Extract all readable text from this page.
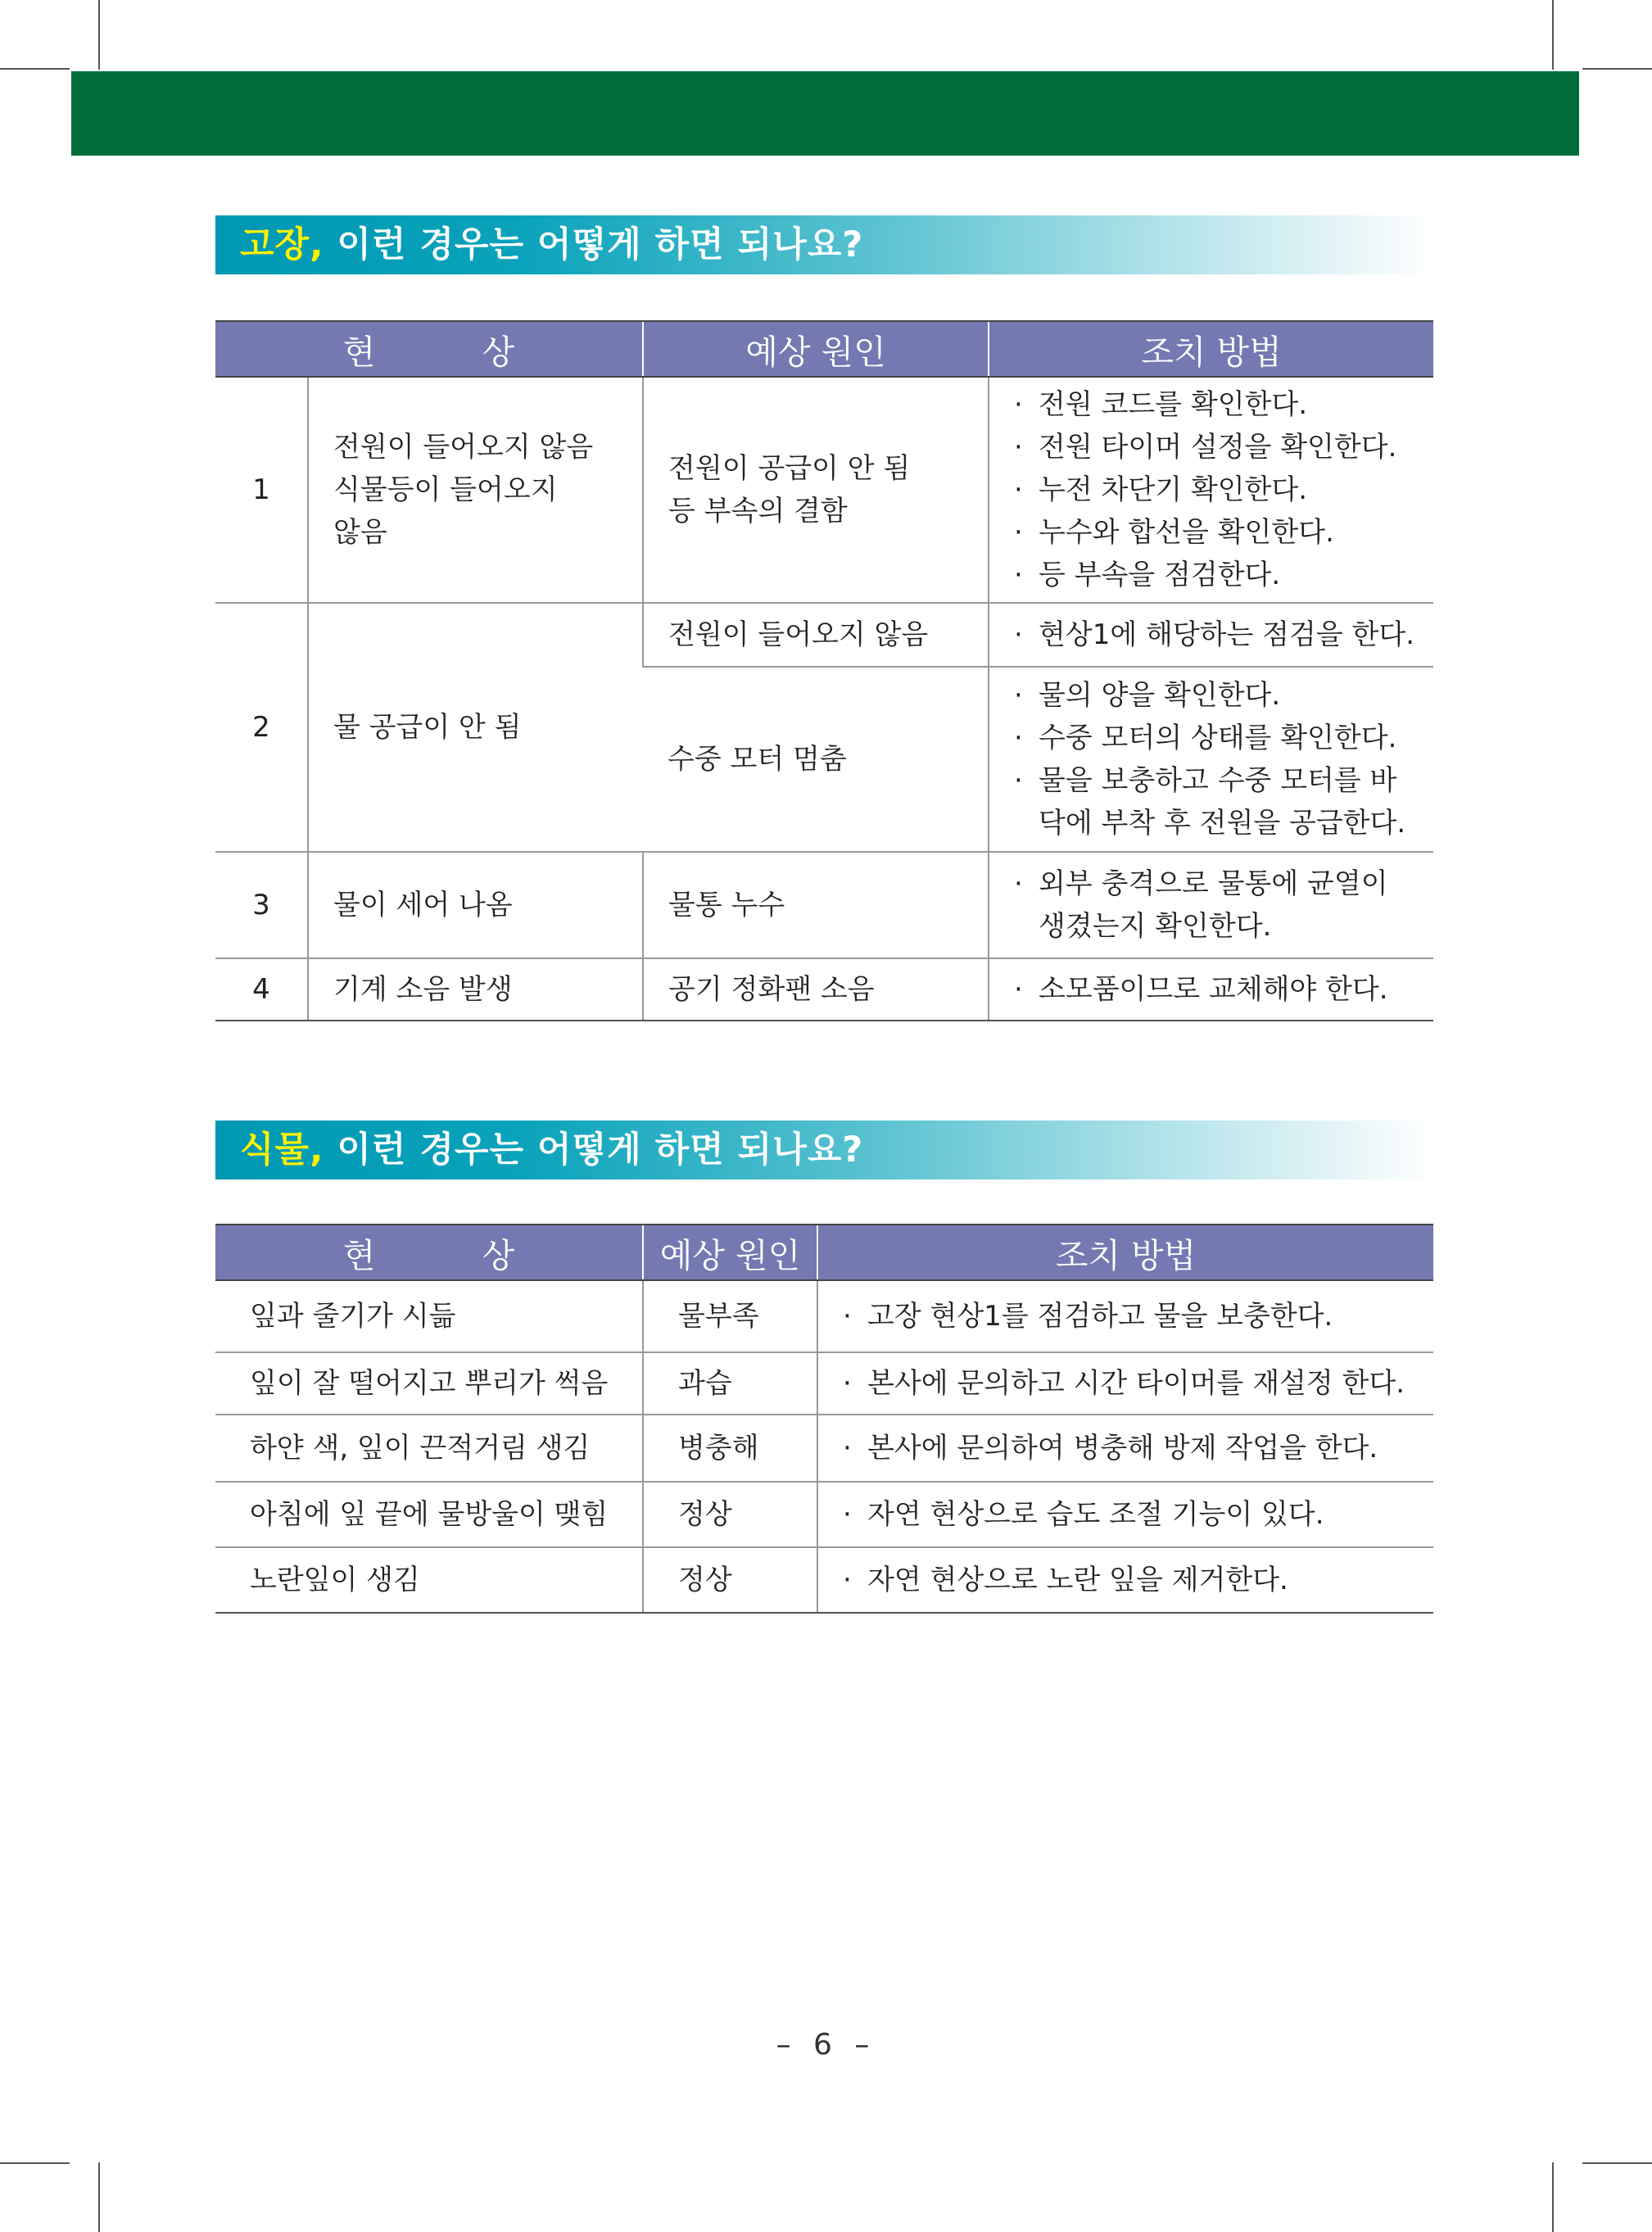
고장, 이런 경우는 어떻게 하면 되나요?
현          상		예상 원인	조치 방법
1	전원이 들어오지 않음
식물등이 들어오지
않음	전원이 공급이 안 됨
등 부속의 결함	· 전원 코드를 확인한다.
· 전원 타이머 설정을 확인한다.
· 누전 차단기 확인한다.
· 누수와 합선을 확인한다.
· 등 부속을 점검한다.

2	물 공급이 안 됨	전원이 들어오지 않음	· 현상1에 해당하는 점검을 한다.

		수중 모터 멈춤	· 물의 양을 확인한다.
· 수중 모터의 상태를 확인한다.
· 물을 보충하고 수중 모터를 바닥에 부착 후 전원을 공급한다.

3	물이 세어 나옴	물통 누수	· 외부 충격으로 물통에 균열이 생겼는지 확인한다.

4	기계 소음 발생	공기 정화팬 소음	· 소모품이므로 교체해야 한다.
식물, 이런 경우는 어떻게 하면 되나요?
현          상	예상 원인	조치 방법
잎과 줄기가 시듦	물부족	· 고장 현상1를 점검하고 물을 보충한다.

잎이 잘 떨어지고 뿌리가 썩음	과습	· 본사에 문의하고 시간 타이머를 재설정 한다.

하얀 색, 잎이 끈적거림 생김	병충해	· 본사에 문의하여 병충해 방제 작업을 한다.

아침에 잎 끝에 물방울이 맺힘	정상	· 자연 현상으로 습도 조절 기능이 있다.

노란잎이 생김	정상	· 자연 현상으로 노란 잎을 제거한다.
– 6 –
